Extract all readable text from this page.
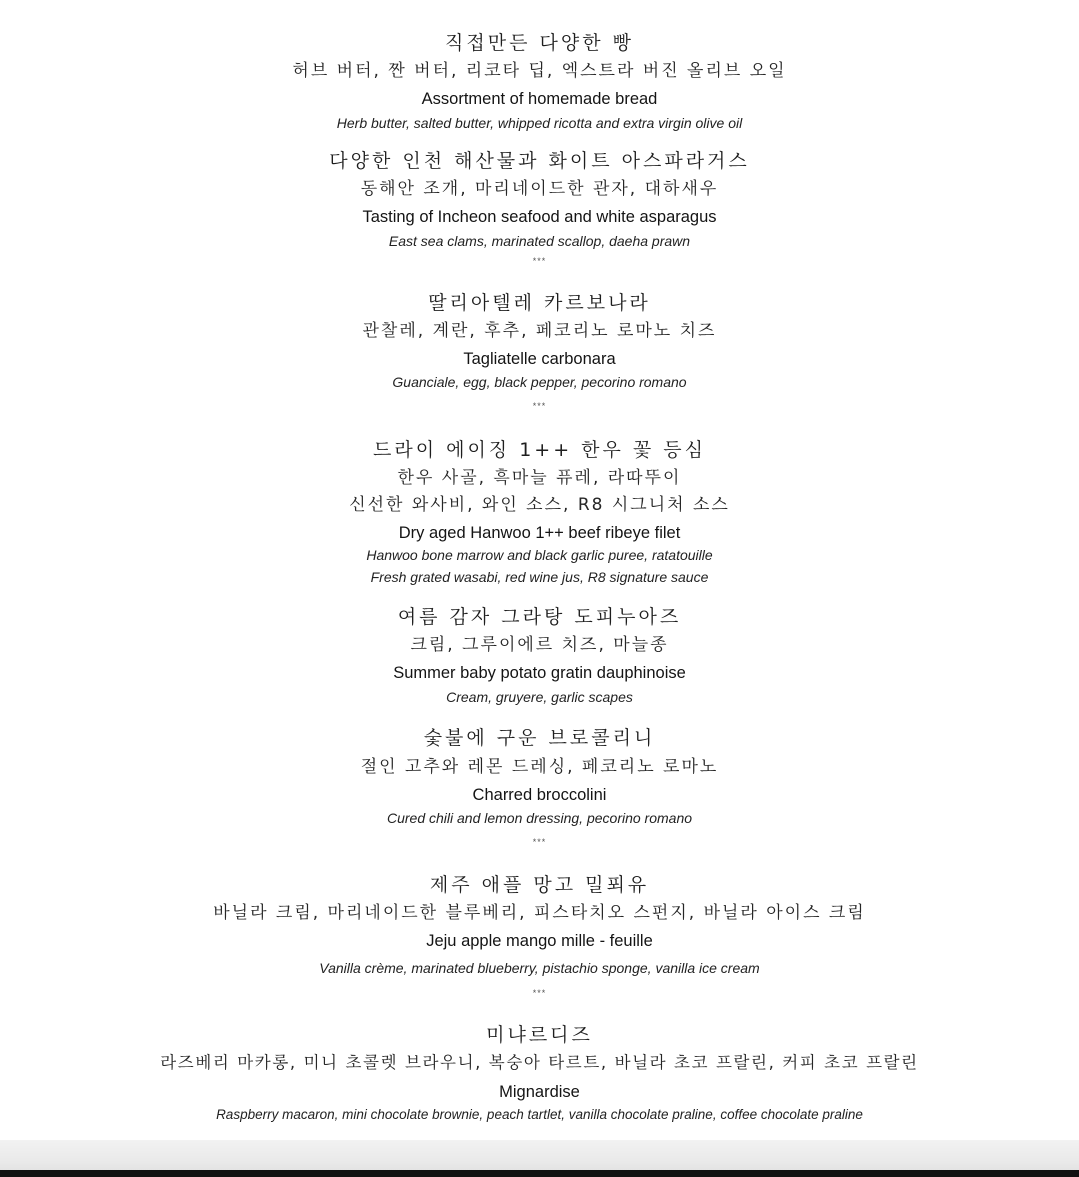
직접만든 다양한 빵
허브 버터, 짠 버터, 리코타 딥, 엑스트라 버진 올리브 오일
Assortment of homemade bread
Herb butter, salted butter, whipped ricotta and extra virgin olive oil
다양한 인천 해산물과 화이트 아스파라거스
동해안 조개, 마리네이드한 관자, 대하새우
Tasting of Incheon seafood and white asparagus
East sea clams, marinated scallop, daeha prawn
***
딸리아텔레 카르보나라
관찰레, 계란, 후추, 페코리노 로마노 치즈
Tagliatelle carbonara
Guanciale, egg, black pepper, pecorino romano
***
드라이 에이징 1++ 한우 꽃 등심
한우 사골, 흑마늘 퓨레, 라따뚜이
신선한 와사비, 와인 소스, R8 시그니처 소스
Dry aged Hanwoo 1++ beef ribeye filet
Hanwoo bone marrow and black garlic puree, ratatouille
Fresh grated wasabi, red wine jus, R8 signature sauce
여름 감자 그라탕 도피누아즈
크림, 그루이에르 치즈, 마늘종
Summer baby potato gratin dauphinoise
Cream, gruyere, garlic scapes
숯불에 구운 브로콜리니
절인 고추와 레몬 드레싱, 페코리노 로마노
Charred broccolini
Cured chili and lemon dressing, pecorino romano
***
제주 애플 망고 밀푀유
바닐라 크림, 마리네이드한 블루베리, 피스타치오 스펀지, 바닐라 아이스 크림
Jeju apple mango mille - feuille
Vanilla crème, marinated blueberry, pistachio sponge, vanilla ice cream
***
미냐르디즈
라즈베리 마카롱, 미니 초콜렛 브라우니, 복숭아 타르트, 바닐라 초코 프랄린, 커피 초코 프랄린
Mignardise
Raspberry macaron, mini chocolate brownie, peach tartlet, vanilla chocolate praline, coffee chocolate praline
